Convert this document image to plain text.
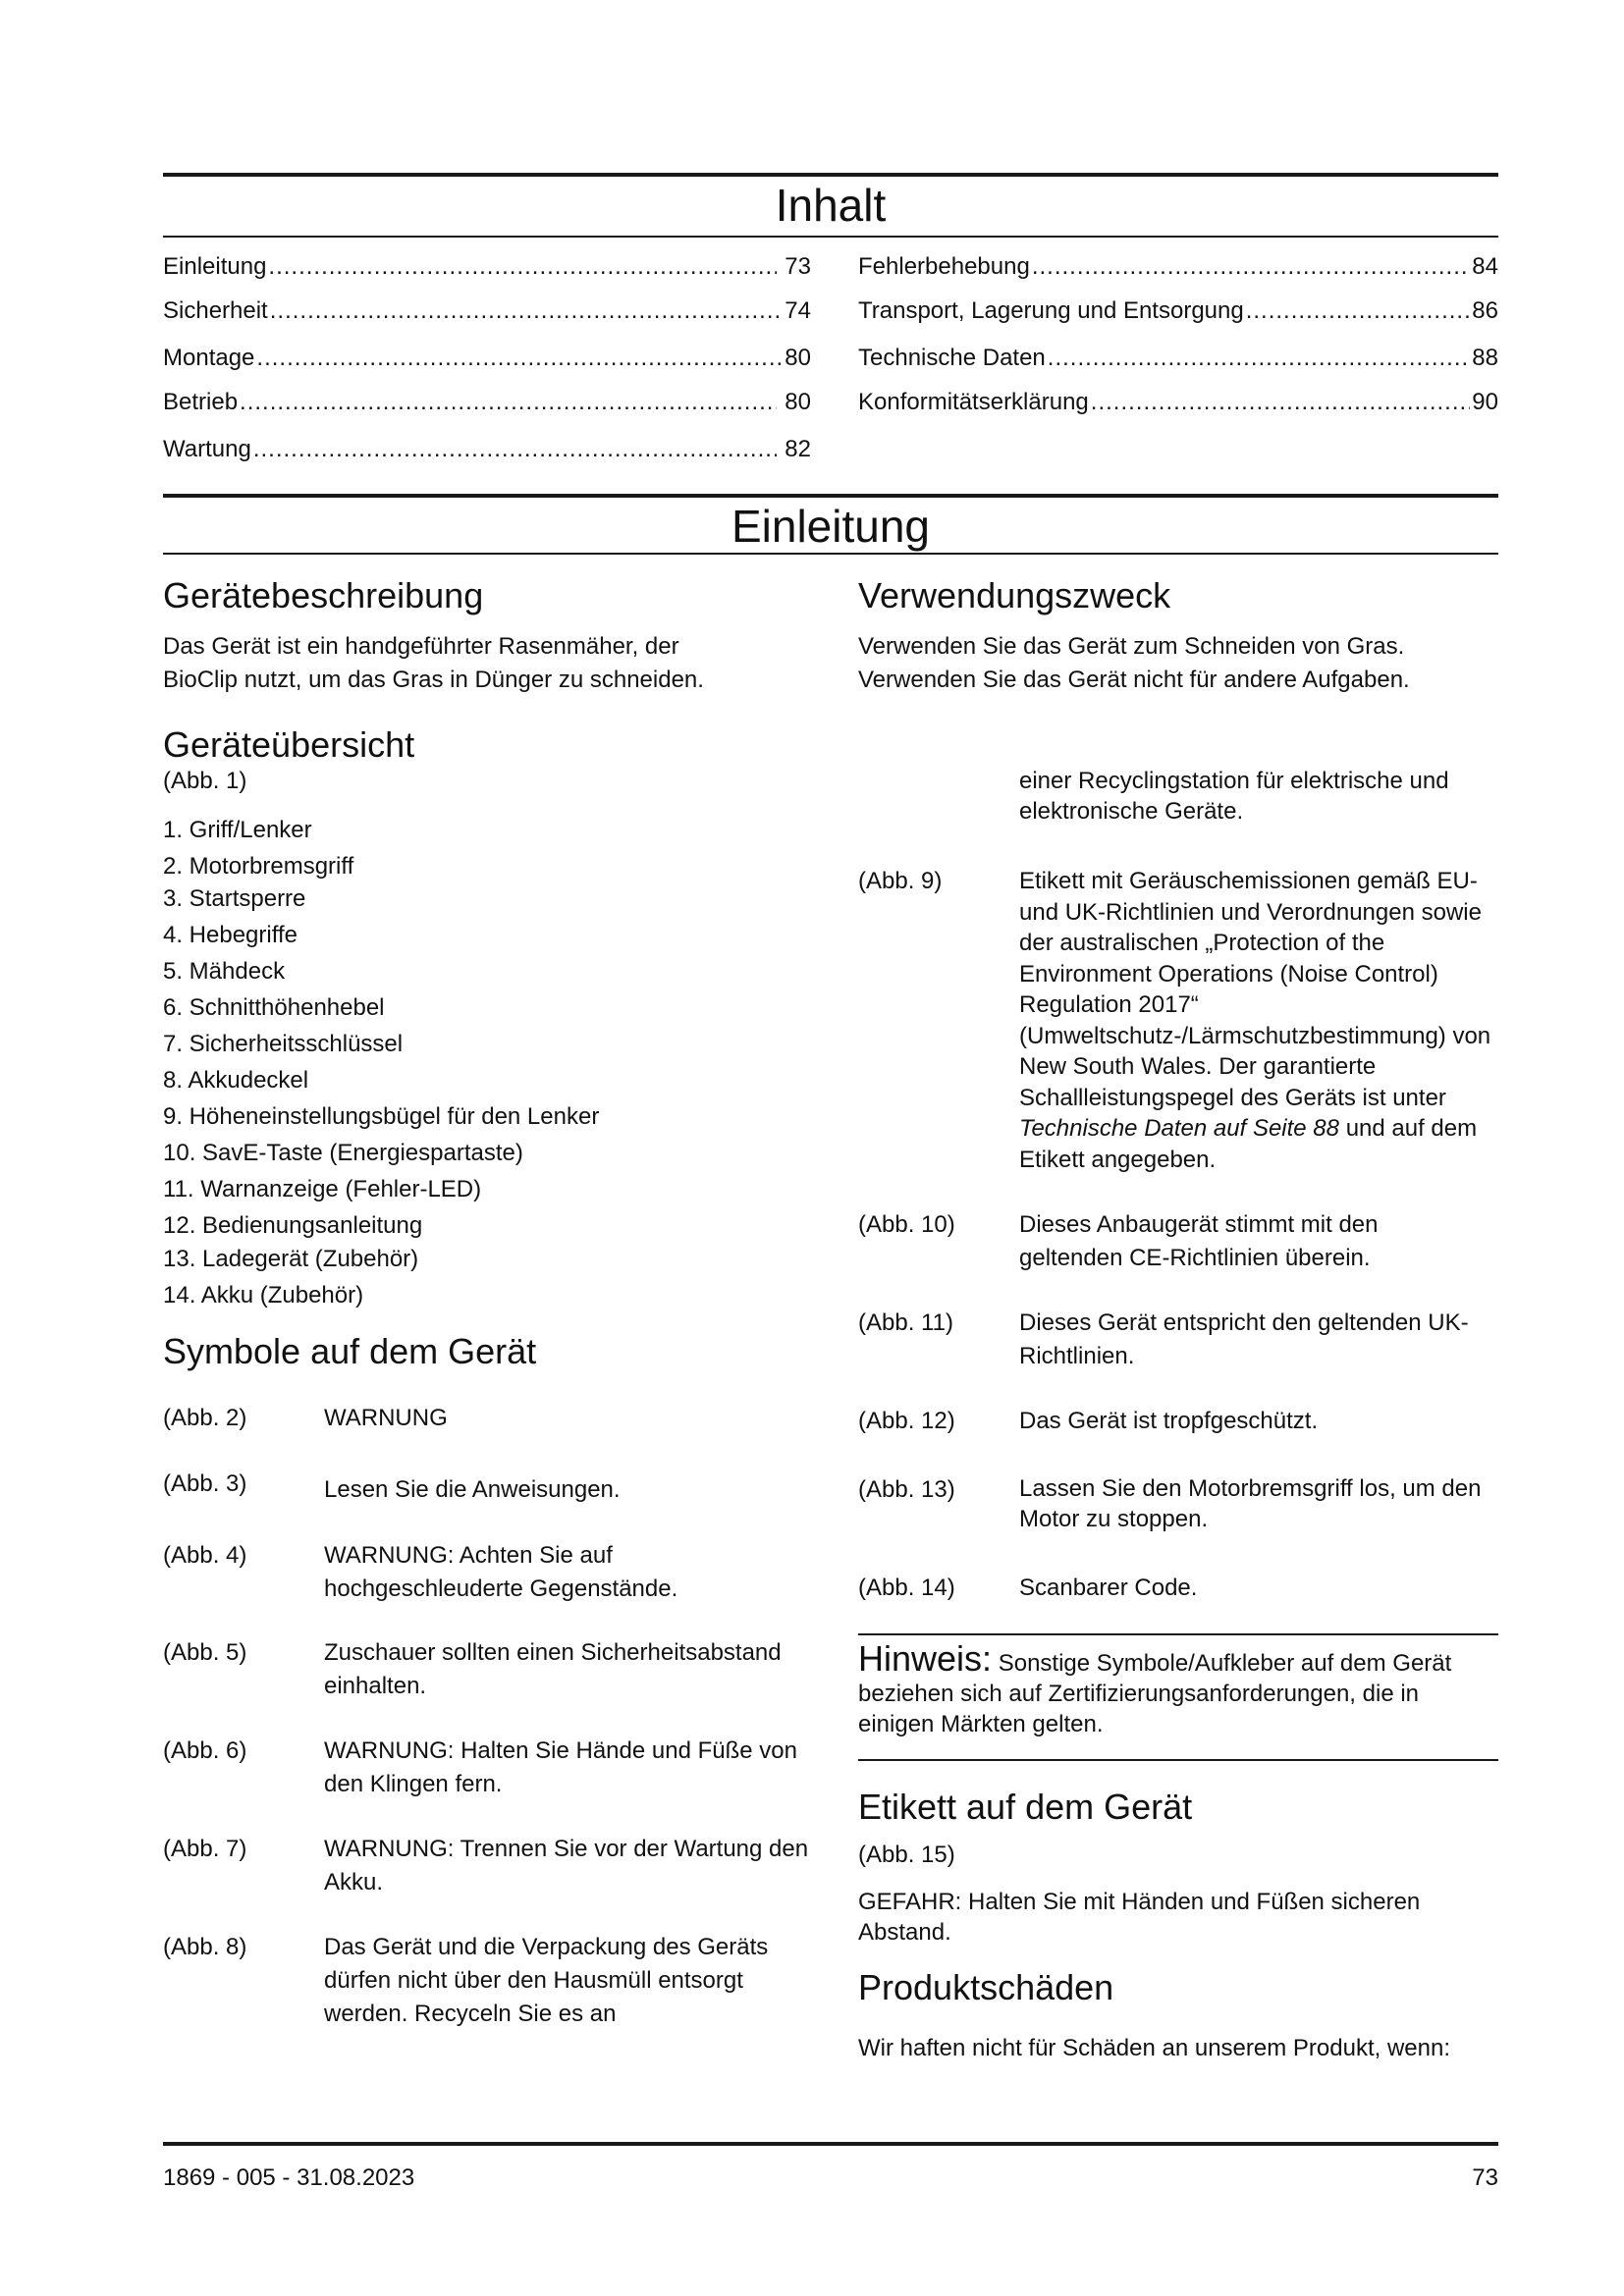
Inhalt
Einleitung .....	73
Sicherheit .....	74
Montage .....	80
Betrieb .....	80
Wartung .....	82
Fehlerbehebung .....	84
Transport, Lagerung und Entsorgung .....	86
Technische Daten .....	88
Konformitätserklärung .....	90
Einleitung
Gerätebeschreibung
Das Gerät ist ein handgeführter Rasenmäher, der
BioClip nutzt, um das Gras in Dünger zu schneiden.
Verwendungszweck
Verwenden Sie das Gerät zum Schneiden von Gras.
Verwenden Sie das Gerät nicht für andere Aufgaben.
Geräteübersicht
(Abb. 1)
1. Griff/Lenker
2. Motorbremsgriff
3. Startsperre
4. Hebegriffe
5. Mähdeck
6. Schnitthöhenhebel
7. Sicherheitsschlüssel
8. Akkudeckel
9. Höheneinstellungsbügel für den Lenker
10. SavE-Taste (Energiespartaste)
11. Warnanzeige (Fehler-LED)
12. Bedienungsanleitung
13. Ladegerät (Zubehör)
14. Akku (Zubehör)
Symbole auf dem Gerät
(Abb. 2)	WARNUNG
(Abb. 3)	Lesen Sie die Anweisungen.
(Abb. 4)	WARNUNG: Achten Sie auf hochgeschleuderte Gegenstände.
(Abb. 5)	Zuschauer sollten einen Sicherheitsabstand einhalten.
(Abb. 6)	WARNUNG: Halten Sie Hände und Füße von den Klingen fern.
(Abb. 7)	WARNUNG: Trennen Sie vor der Wartung den Akku.
(Abb. 8)	Das Gerät und die Verpackung des Geräts dürfen nicht über den Hausmüll entsorgt werden. Recyceln Sie es an
einer Recyclingstation für elektrische und elektronische Geräte.
(Abb. 9)	Etikett mit Geräuschemissionen gemäß EU- und UK-Richtlinien und Verordnungen sowie der australischen „Protection of the Environment Operations (Noise Control) Regulation 2017“ (Umweltschutz-/Lärmschutzbestimmung) von New South Wales. Der garantierte Schallleistungspegel des Geräts ist unter Technische Daten auf Seite 88 und auf dem Etikett angegeben.
(Abb. 10)	Dieses Anbaugerät stimmt mit den geltenden CE-Richtlinien überein.
(Abb. 11)	Dieses Gerät entspricht den geltenden UK-Richtlinien.
(Abb. 12)	Das Gerät ist tropfgeschützt.
(Abb. 13)	Lassen Sie den Motorbremsgriff los, um den Motor zu stoppen.
(Abb. 14)	Scanbarer Code.
Hinweis: Sonstige Symbole/Aufkleber auf dem Gerät beziehen sich auf Zertifizierungsanforderungen, die in einigen Märkten gelten.
Etikett auf dem Gerät
(Abb. 15)
GEFAHR: Halten Sie mit Händen und Füßen sicheren Abstand.
Produktschäden
Wir haften nicht für Schäden an unserem Produkt, wenn:
1869 - 005 - 31.08.2023	73
